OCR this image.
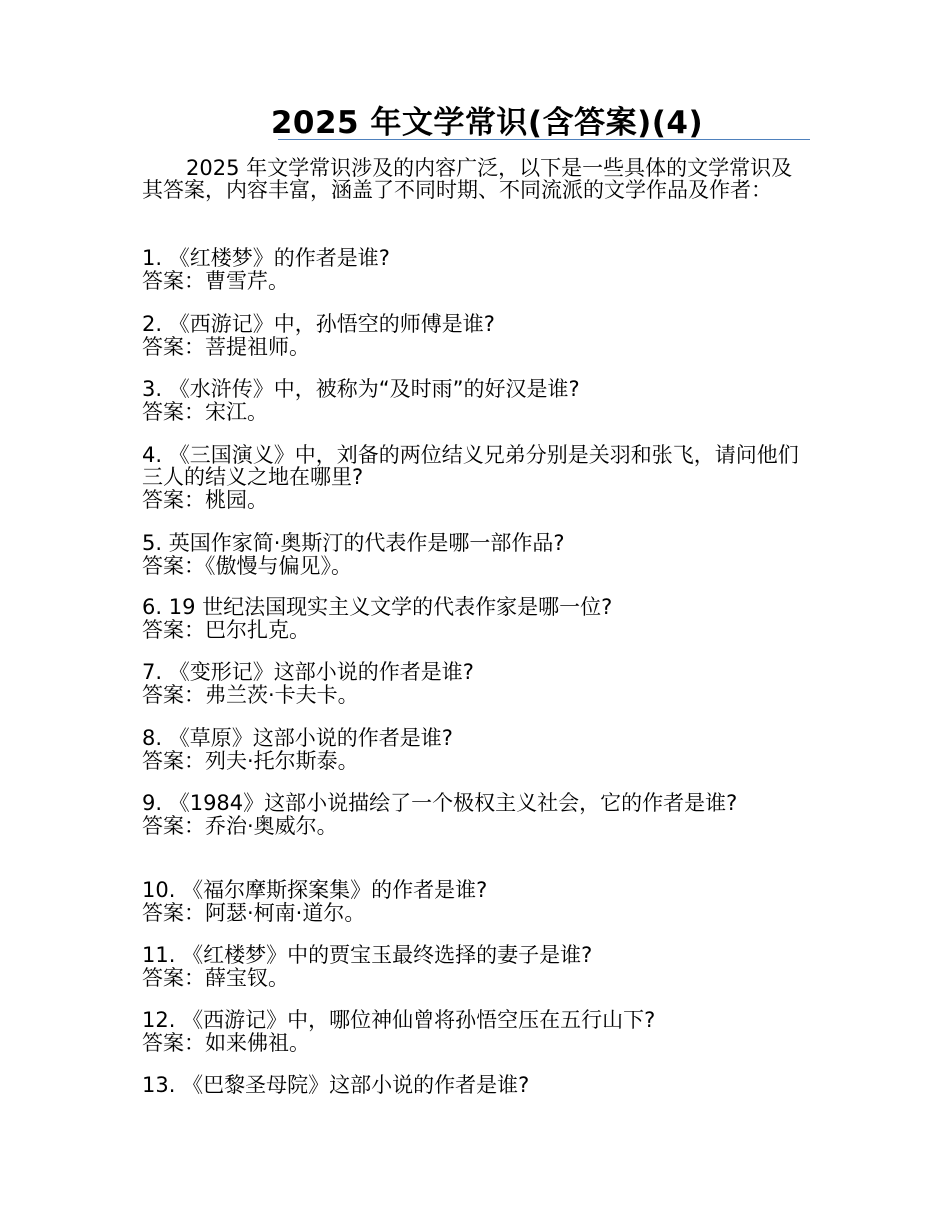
2025 年文学常识(含答案)(4)

2025 年文学常识涉及的内容广泛，以下是一些具体的文学常识及其答案，内容丰富，涵盖了不同时期、不同流派的文学作品及作者：

1. 《红楼梦》的作者是谁?
答案：曹雪芹。
2. 《西游记》中，孙悟空的师傅是谁?
答案：菩提祖师。
3. 《水浒传》中，被称为“及时雨”的好汉是谁?
答案：宋江。
4. 《三国演义》中，刘备的两位结义兄弟分别是关羽和张飞，请问他们三人的结义之地在哪里?
答案：桃园。
5. 英国作家简·奥斯汀的代表作是哪一部作品?
答案：《傲慢与偏见》。
6. 19 世纪法国现实主义文学的代表作家是哪一位?
答案：巴尔扎克。
7. 《变形记》这部小说的作者是谁?
答案：弗兰茨·卡夫卡。
8. 《草原》这部小说的作者是谁?
答案：列夫·托尔斯泰。
9. 《1984》这部小说描绘了一个极权主义社会，它的作者是谁?
答案：乔治·奥威尔。
10. 《福尔摩斯探案集》的作者是谁?
答案：阿瑟·柯南·道尔。
11. 《红楼梦》中的贾宝玉最终选择的妻子是谁?
答案：薛宝钗。
12. 《西游记》中，哪位神仙曾将孙悟空压在五行山下?
答案：如来佛祖。
13. 《巴黎圣母院》这部小说的作者是谁?
